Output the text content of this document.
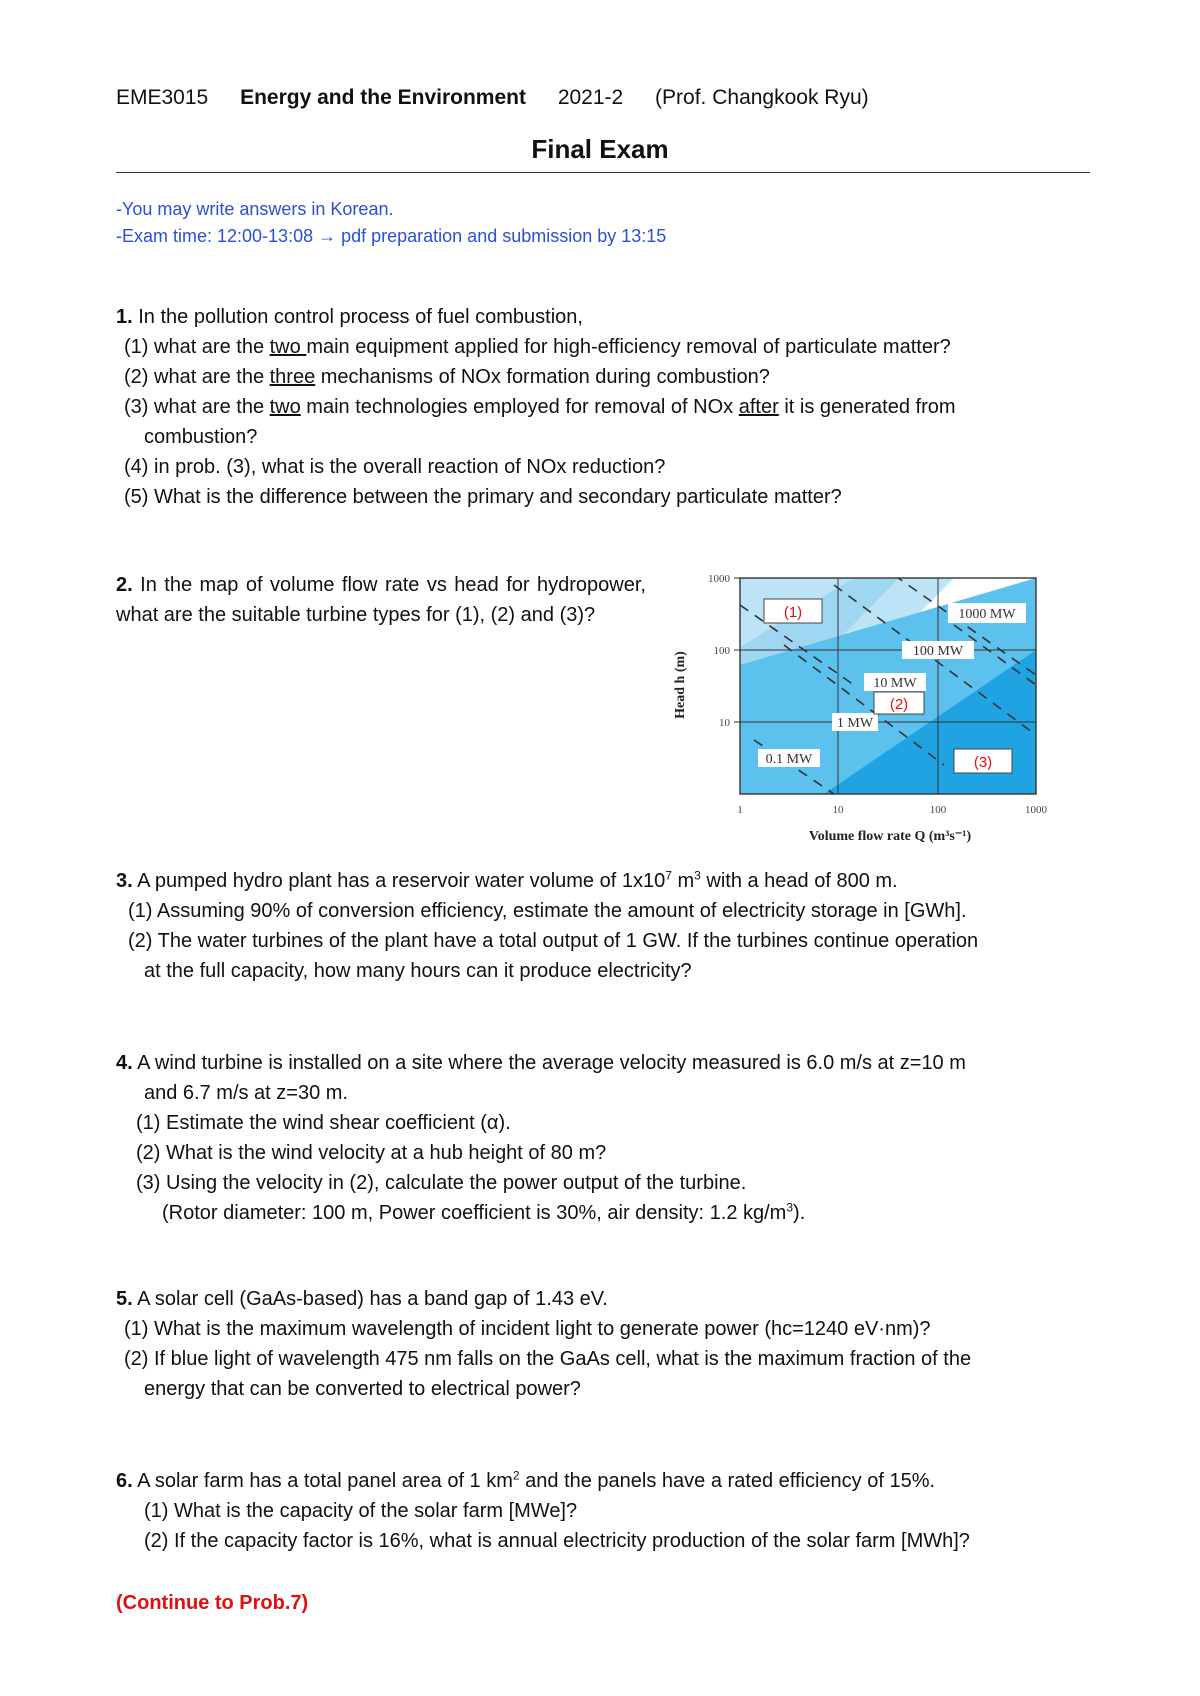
EME3015 Energy and the Environment 2021-2 (Prof. Changkook Ryu)
Final Exam
-You may write answers in Korean.
-Exam time: 12:00-13:08 → pdf preparation and submission by 13:15
1. In the pollution control process of fuel combustion,
(1) what are the two main equipment applied for high-efficiency removal of particulate matter?
(2) what are the three mechanisms of NOx formation during combustion?
(3) what are the two main technologies employed for removal of NOx after it is generated from
combustion?
(4) in prob. (3), what is the overall reaction of NOx reduction?
(5) What is the difference between the primary and secondary particulate matter?
2. In the map of volume flow rate vs head for hydropower, what are the suitable turbine types for (1), (2) and (3)?
1000
100
10
1	10	100	1000
Volume flow rate Q (m³s⁻¹)
Head h (m)
1000 MW
100 MW
10 MW
1 MW
0.1 MW
(1)
(2)
(3)
3. A pumped hydro plant has a reservoir water volume of $1x10^7$ $m^3$ with a head of 800 m.
(1) Assuming 90% of conversion efficiency, estimate the amount of electricity storage in [GWh].
(2) The water turbines of the plant have a total output of 1 GW. If the turbines continue operation
at the full capacity, how many hours can it produce electricity?
4. A wind turbine is installed on a site where the average velocity measured is 6.0 m/s at z=10 m
and 6.7 m/s at z=30 m.
(1) Estimate the wind shear coefficient (α).
(2) What is the wind velocity at a hub height of 80 m?
(3) Using the velocity in (2), calculate the power output of the turbine.
(Rotor diameter: 100 m, Power coefficient is 30%, air density: 1.2 $kg/m^3$).
5. A solar cell (GaAs-based) has a band gap of 1.43 eV.
(1) What is the maximum wavelength of incident light to generate power (hc=1240 eV·nm)?
(2) If blue light of wavelength 475 nm falls on the GaAs cell, what is the maximum fraction of the
energy that can be converted to electrical power?
6. A solar farm has a total panel area of 1 $km^2$ and the panels have a rated efficiency of 15%.
(1) What is the capacity of the solar farm [MWe]?
(2) If the capacity factor is 16%, what is annual electricity production of the solar farm [MWh]?
(Continue to Prob.7)
